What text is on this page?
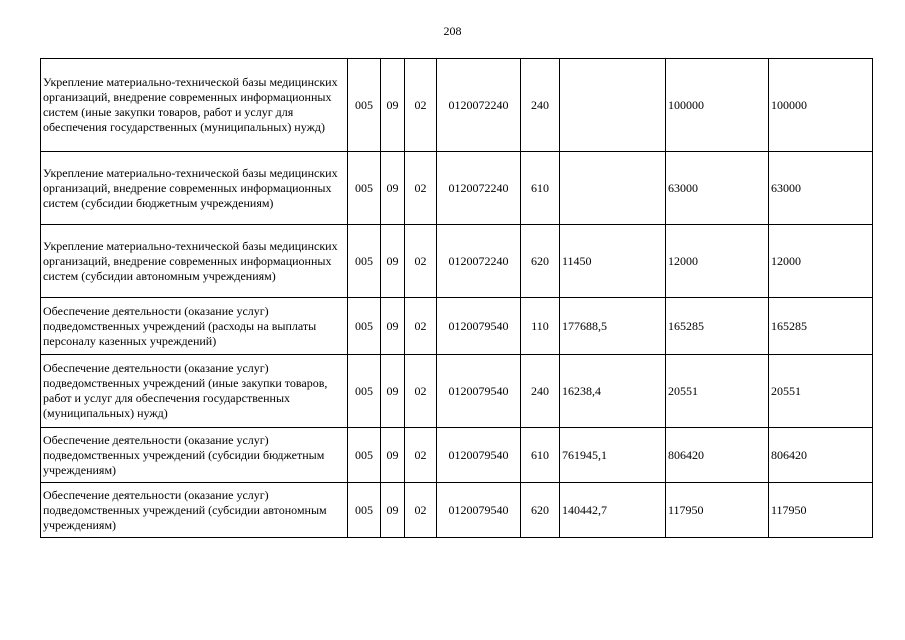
208
Укрепление материально-технической базы медицинских организаций, внедрение современных информационных систем (иные закупки товаров, работ и услуг для обеспечения государственных (муниципальных) нужд)	005	09	02	0120072240	240		100000	100000
Укрепление материально-технической базы медицинских организаций, внедрение современных информационных систем (субсидии бюджетным учреждениям)	005	09	02	0120072240	610		63000	63000
Укрепление материально-технической базы медицинских организаций, внедрение современных информационных систем (субсидии автономным учреждениям)	005	09	02	0120072240	620	11450	12000	12000
Обеспечение деятельности (оказание услуг) подведомственных учреждений (расходы на выплаты персоналу казенных учреждений)	005	09	02	0120079540	110	177688,5	165285	165285
Обеспечение деятельности (оказание услуг) подведомственных учреждений (иные закупки товаров, работ и услуг для обеспечения государственных (муниципальных) нужд)	005	09	02	0120079540	240	16238,4	20551	20551
Обеспечение деятельности (оказание услуг) подведомственных учреждений (субсидии бюджетным учреждениям)	005	09	02	0120079540	610	761945,1	806420	806420
Обеспечение деятельности (оказание услуг) подведомственных учреждений (субсидии автономным учреждениям)	005	09	02	0120079540	620	140442,7	117950	117950
